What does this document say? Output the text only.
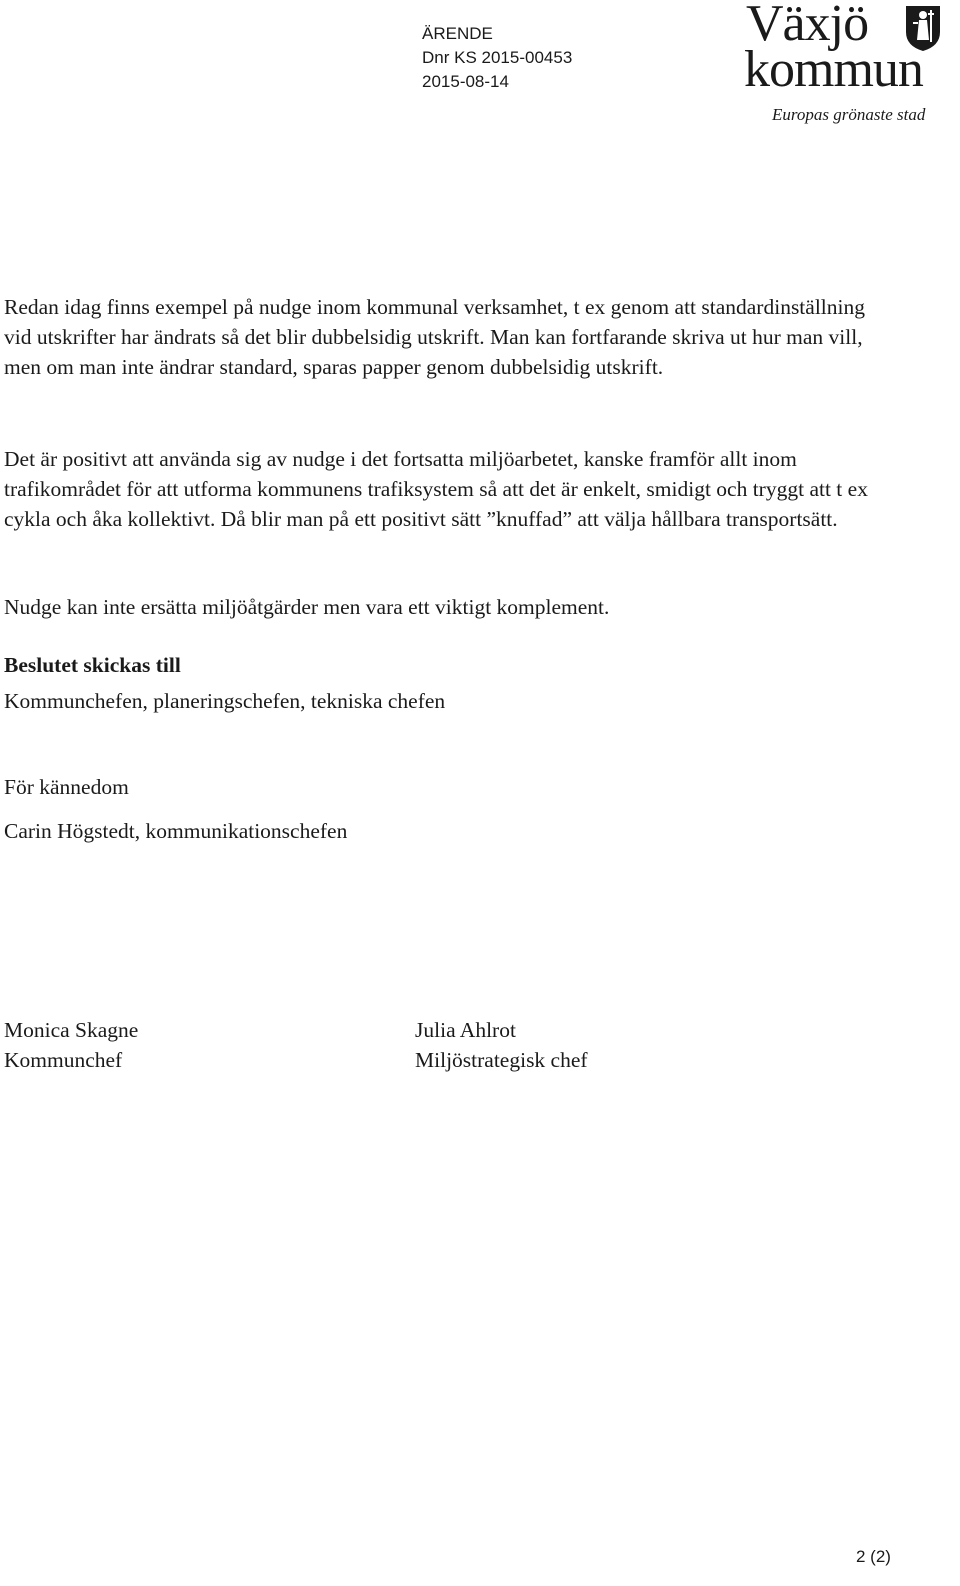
ÄRENDE
Dnr KS 2015-00453
2015-08-14
Växjö
kommun
Europas grönaste stad

Redan idag finns exempel på nudge inom kommunal verksamhet, t ex genom att standardinställning vid utskrifter har ändrats så det blir dubbelsidig utskrift. Man kan fortfarande skriva ut hur man vill, men om man inte ändrar standard, sparas papper genom dubbelsidig utskrift.

Det är positivt att använda sig av nudge i det fortsatta miljöarbetet, kanske framför allt inom trafikområdet för att utforma kommunens trafiksystem så att det är enkelt, smidigt och tryggt att t ex cykla och åka kollektivt. Då blir man på ett positivt sätt ”knuffad” att välja hållbara transportsätt.

Nudge kan inte ersätta miljöåtgärder men vara ett viktigt komplement.

Beslutet skickas till
Kommunchefen, planeringschefen, tekniska chefen
För kännedom
Carin Högstedt, kommunikationschefen
Monica Skagne
Kommunchef
Julia Ahlrot
Miljöstrategisk chef
2 (2)
